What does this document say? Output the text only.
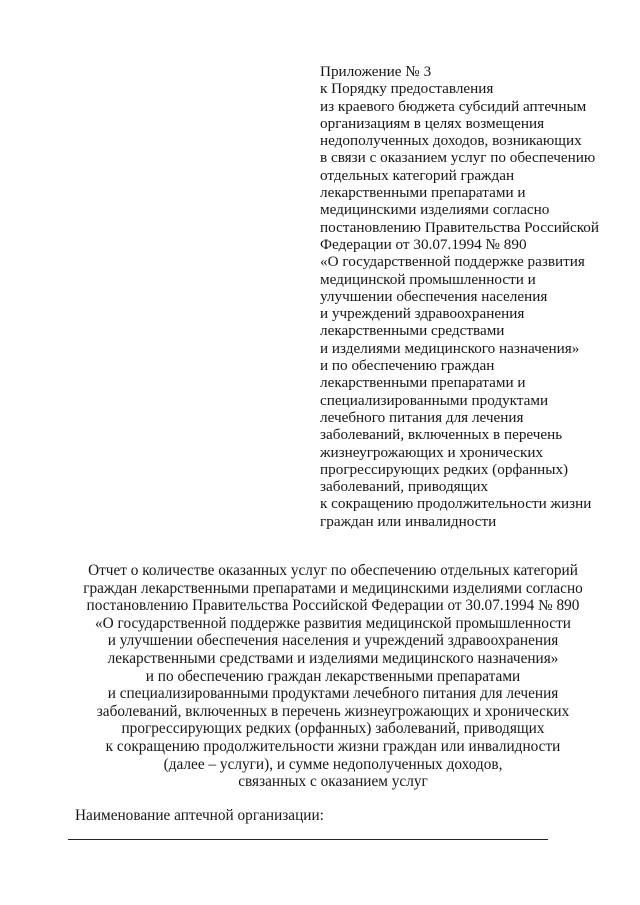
Приложение № 3
к Порядку предоставления
из краевого бюджета субсидий аптечным
организациям в целях возмещения
недополученных доходов, возникающих
в связи с оказанием услуг по обеспечению
отдельных категорий граждан
лекарственными препаратами и
медицинскими изделиями согласно
постановлению Правительства Российской
Федерации от 30.07.1994 № 890
«О государственной поддержке развития
медицинской промышленности и
улучшении обеспечения населения
и учреждений здравоохранения
лекарственными средствами
и изделиями медицинского назначения»
и по обеспечению граждан
лекарственными препаратами и
специализированными продуктами
лечебного питания для лечения
заболеваний, включенных в перечень
жизнеугрожающих и хронических
прогрессирующих редких (орфанных)
заболеваний, приводящих
к сокращению продолжительности жизни
граждан или инвалидности
Отчет о количестве оказанных услуг по обеспечению отдельных категорий
граждан лекарственными препаратами и медицинскими изделиями согласно
постановлению Правительства Российской Федерации от 30.07.1994 № 890
«О государственной поддержке развития медицинской промышленности
и улучшении обеспечения населения и учреждений здравоохранения
лекарственными средствами и изделиями медицинского назначения»
и по обеспечению граждан лекарственными препаратами
и специализированными продуктами лечебного питания для лечения
заболеваний, включенных в перечень жизнеугрожающих и хронических
прогрессирующих редких (орфанных) заболеваний, приводящих
к сокращению продолжительности жизни граждан или инвалидности
(далее – услуги), и сумме недополученных доходов,
связанных с оказанием услуг
Наименование аптечной организации:
